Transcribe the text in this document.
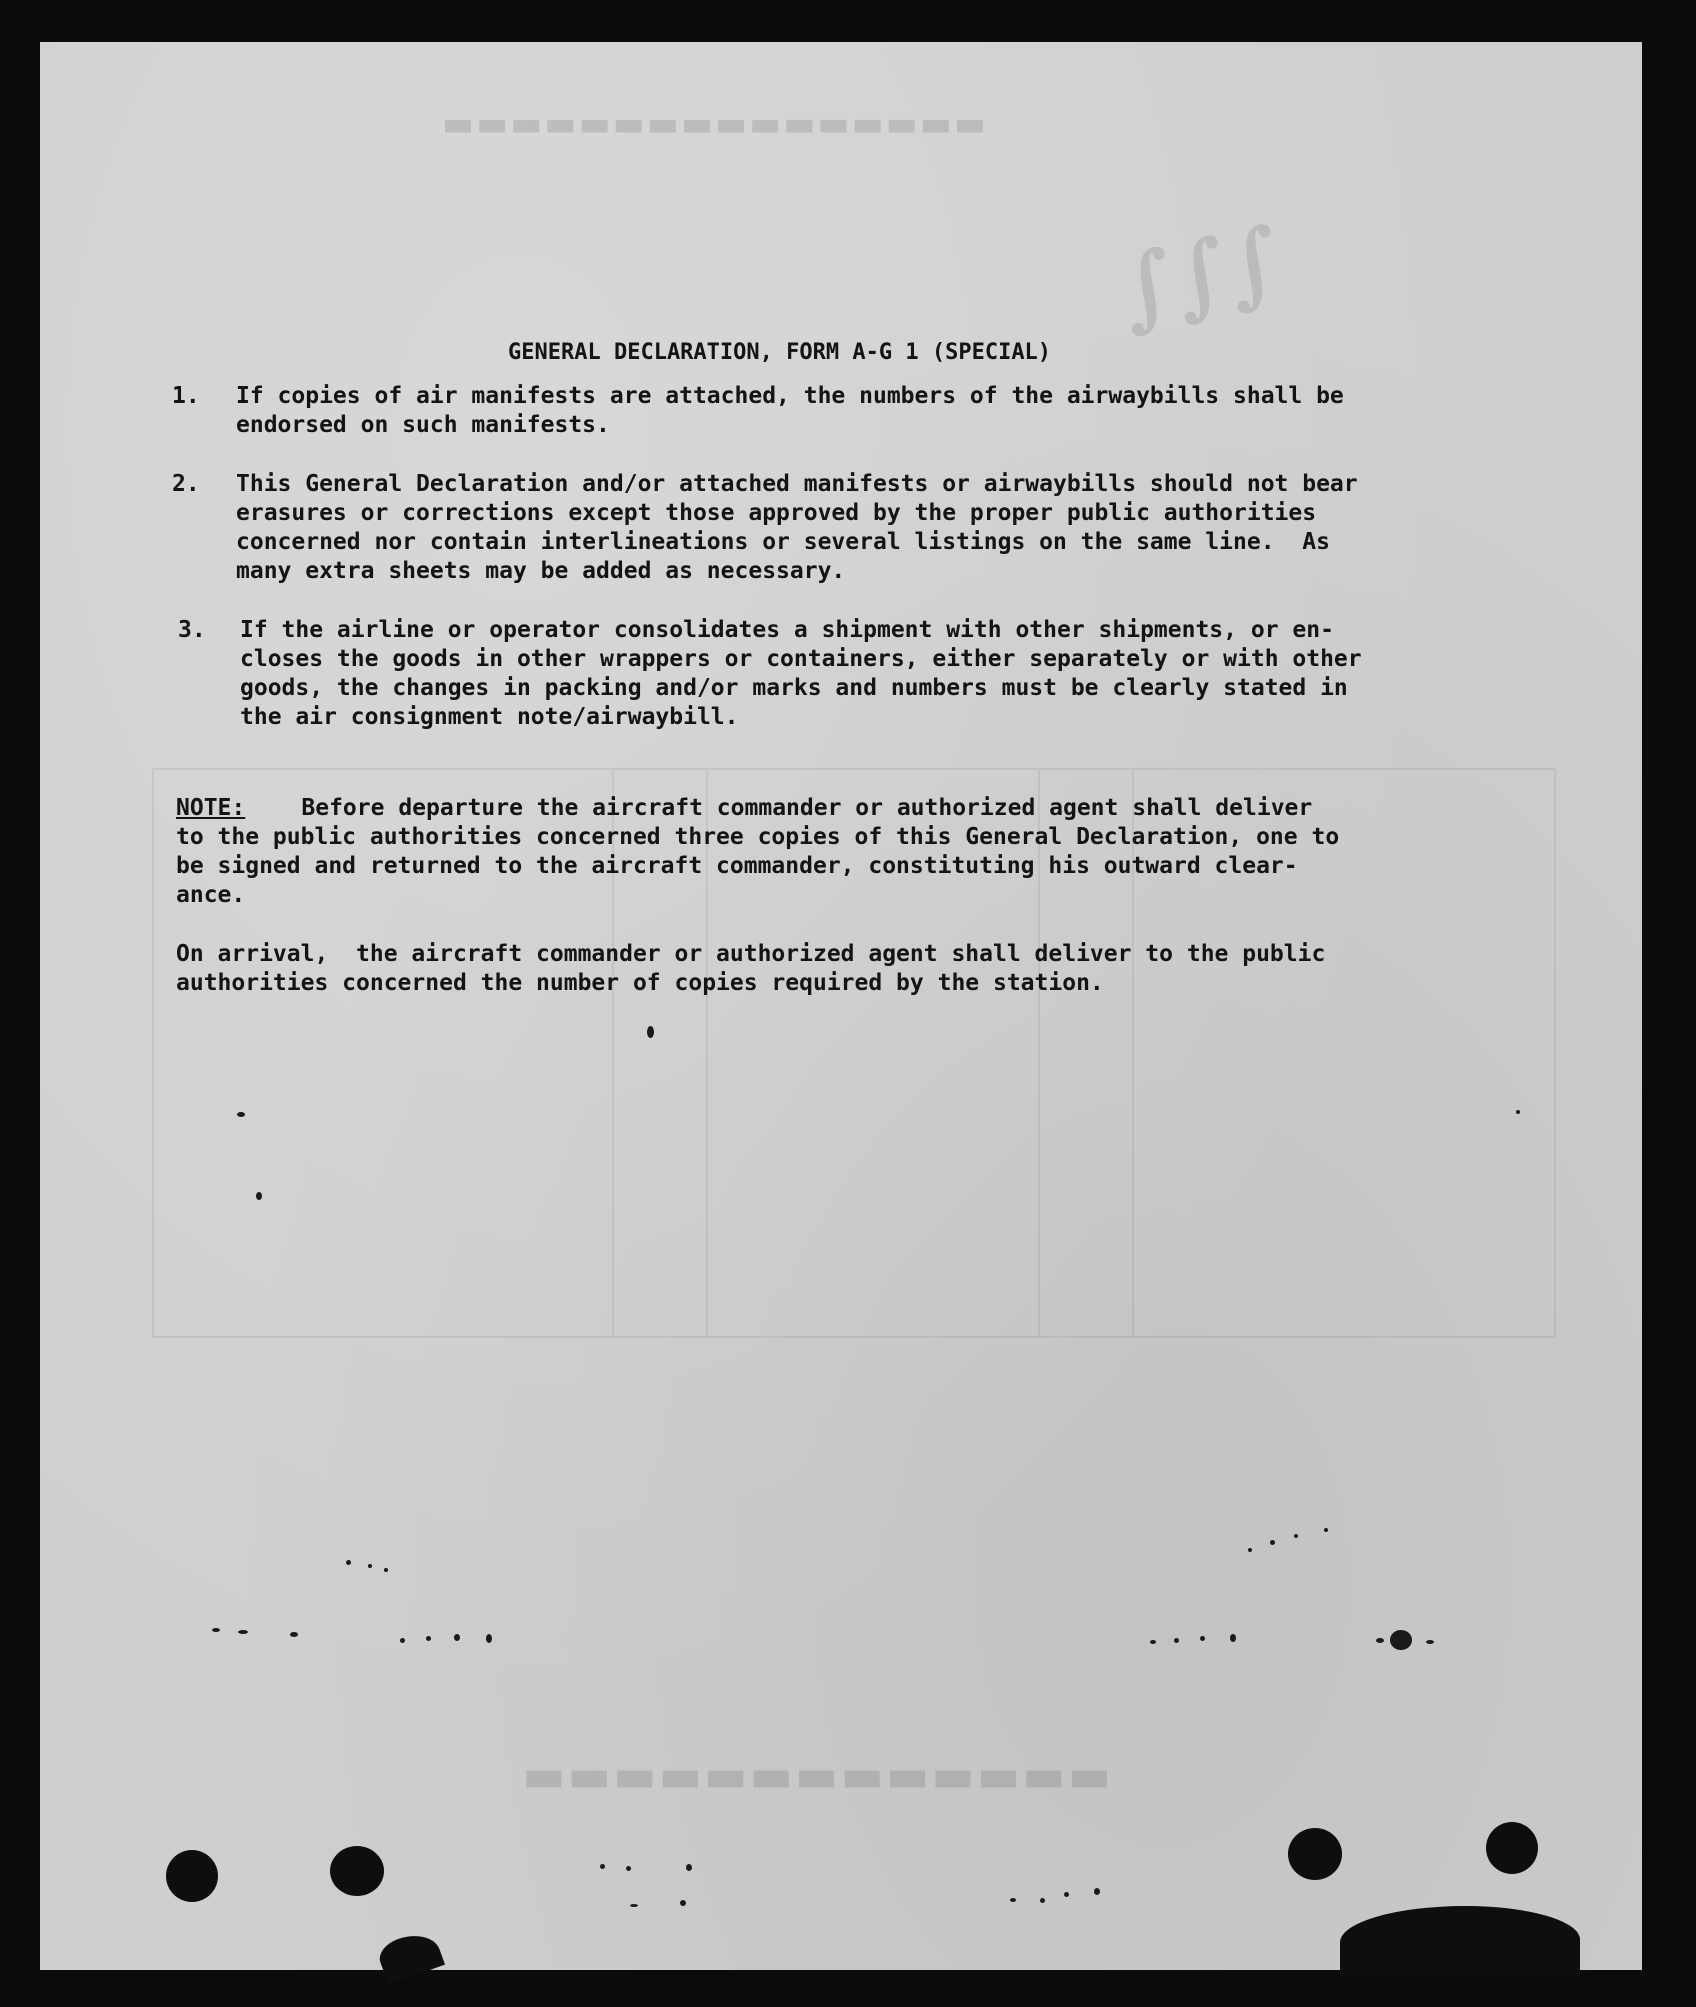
▬▬▬▬▬▬▬▬▬▬▬▬▬▬▬▬
▬▬▬▬▬▬▬▬▬▬▬▬▬
∫∫∫
GENERAL DECLARATION, FORM A-G 1 (SPECIAL)
1. If copies of air manifests are attached, the numbers of the airwaybills shall be
endorsed on such manifests.
2. This General Declaration and/or attached manifests or airwaybills should not bear
erasures or corrections except those approved by the proper public authorities
concerned nor contain interlineations or several listings on the same line.  As
many extra sheets may be added as necessary.
3. If the airline or operator consolidates a shipment with other shipments, or en-
closes the goods in other wrappers or containers, either separately or with other
goods, the changes in packing and/or marks and numbers must be clearly stated in
the air consignment note/airwaybill.
NOTE: Before departure the aircraft commander or authorized agent shall deliver
to the public authorities concerned three copies of this General Declaration, one to
be signed and returned to the aircraft commander, constituting his outward clear-
ance.
On arrival,  the aircraft commander or authorized agent shall deliver to the public
authorities concerned the number of copies required by the station.
